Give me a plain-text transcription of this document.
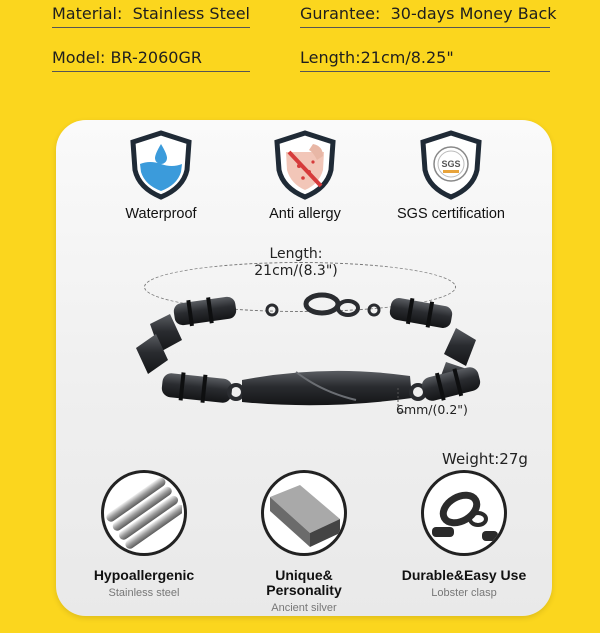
Material:  Stainless Steel	Gurantee:  30-days Money Back
Model: BR-2060GR	Length:21cm/8.25"
Waterproof	Anti allergy
SGS
SGS certification
Length:
21cm/(8.3")
6mm/(0.2")
Weight:27g
Hypoallergenic
Stainless steel
Unique& Personality
Ancient silver
Durable&Easy Use
Lobster clasp
